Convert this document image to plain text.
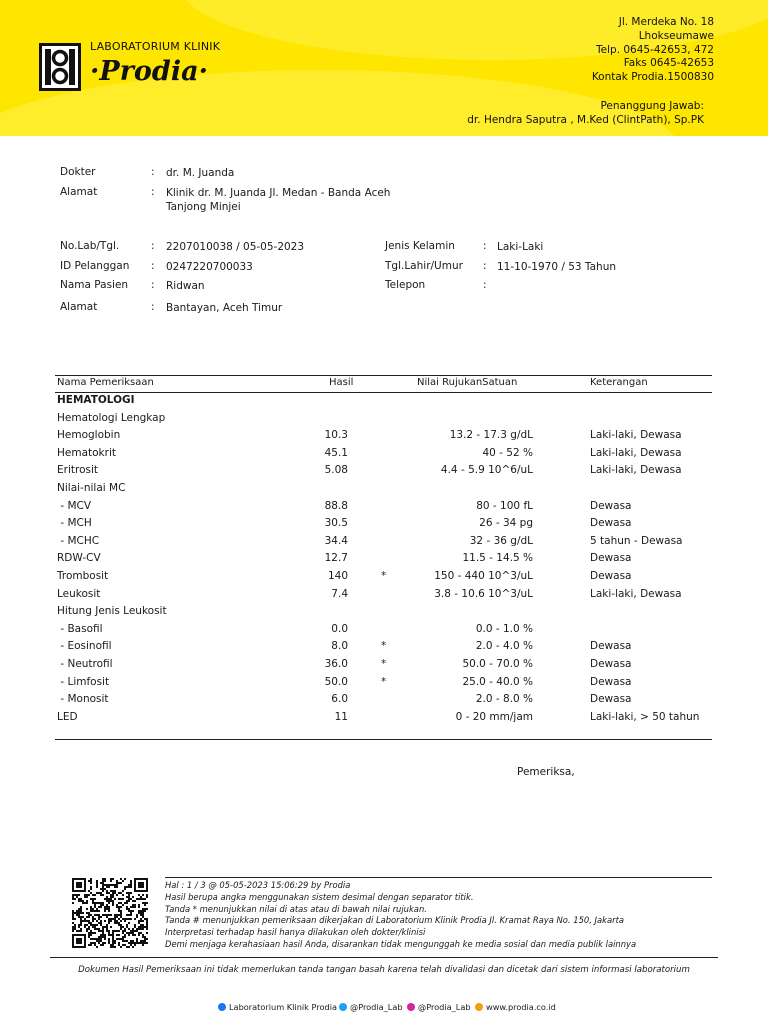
LABORATORIUM KLINIK
·Prodia·
Jl. Merdeka No. 18
Lhokseumawe
Telp. 0645-42653, 472
Faks 0645-42653
Kontak Prodia.1500830
Penanggung Jawab:
dr. Hendra Saputra , M.Ked (ClintPath), Sp.PK
Dokter	: dr. M. Juanda
Alamat	: Klinik dr. M. Juanda Jl. Medan - Banda Aceh
Tanjong Minjei
No.Lab/Tgl.	: 2207010038 / 05-05-2023
ID Pelanggan : 0247220700033
Nama Pasien : Ridwan
Alamat	: Bantayan, Aceh Timur
Jenis Kelamin	: Laki-Laki
Tgl.Lahir/Umur : 11-10-1970 / 53 Tahun
Telepon	:
Nama Pemeriksaan	Hasil	Nilai RujukanSatuan	Keterangan
HEMATOLOGI
Hematologi Lengkap
Hemoglobin	10.3	13.2 - 17.3 g/dL	Laki-laki, Dewasa
Hematokrit	45.1	40 - 52 %	Laki-laki, Dewasa
Eritrosit	5.08	4.4 - 5.9 10^6/uL	Laki-laki, Dewasa
Nilai-nilai MC
- MCV	88.8	80 - 100 fL	Dewasa
- MCH	30.5	26 - 34 pg	Dewasa
- MCHC	34.4	32 - 36 g/dL	5 tahun - Dewasa
RDW-CV	12.7	11.5 - 14.5 %	Dewasa
Trombosit	140	*	150 - 440 10^3/uL	Dewasa
Leukosit	7.4	3.8 - 10.6 10^3/uL	Laki-laki, Dewasa
Hitung Jenis Leukosit
- Basofil	0.0	0.0 - 1.0 %
- Eosinofil	8.0	*	2.0 - 4.0 %	Dewasa
- Neutrofil	36.0	*	50.0 - 70.0 %	Dewasa
- Limfosit	50.0	*	25.0 - 40.0 %	Dewasa
- Monosit	6.0	2.0 - 8.0 %	Dewasa
LED	11	0 - 20 mm/jam	Laki-laki, > 50 tahun
Pemeriksa,
Hal : 1 / 3 @ 05-05-2023 15:06:29 by Prodia
Hasil berupa angka menggunakan sistem desimal dengan separator titik.
Tanda * menunjukkan nilai di atas atau di bawah nilai rujukan.
Tanda # menunjukkan pemeriksaan dikerjakan di Laboratorium Klinik Prodia Jl. Kramat Raya No. 150, Jakarta
Interpretasi terhadap hasil hanya dilakukan oleh dokter/klinisi
Demi menjaga kerahasiaan hasil Anda, disarankan tidak mengunggah ke media sosial dan media publik lainnya
Dokumen Hasil Pemeriksaan ini tidak memerlukan tanda tangan basah karena telah divalidasi dan dicetak dari sistem informasi laboratorium
Laboratorium Klinik Prodia	@Prodia_Lab	@Prodia_Lab	www.prodia.co.id
